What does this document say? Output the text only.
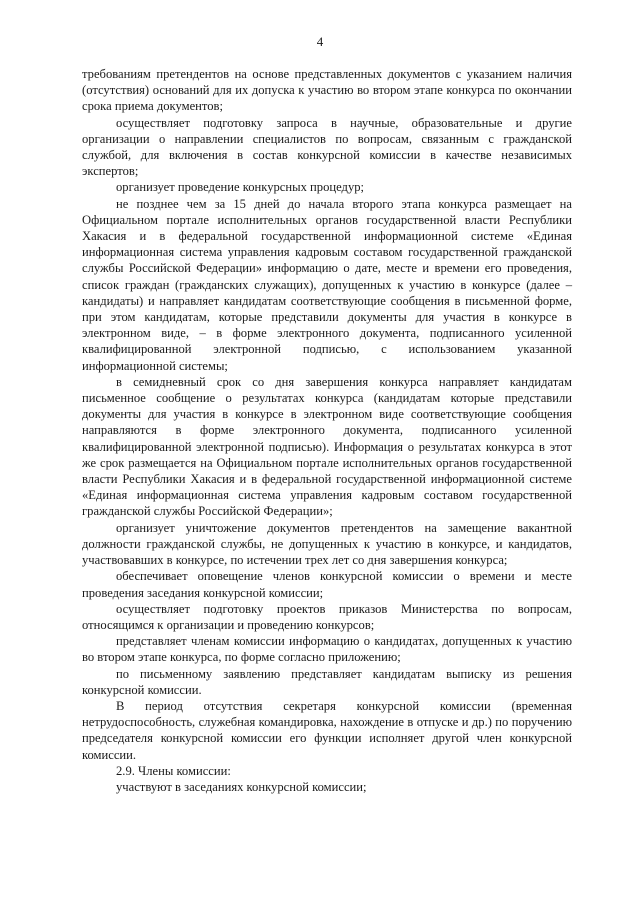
4

требованиям претендентов на основе представленных документов с указанием наличия (отсутствия) оснований для их допуска к участию во втором этапе конкурса по окончании срока приема документов;

осуществляет подготовку запроса в научные, образовательные и другие организации о направлении специалистов по вопросам, связанным с гражданской службой, для включения в состав конкурсной комиссии в качестве независимых экспертов;

организует проведение конкурсных процедур;

не позднее чем за 15 дней до начала второго этапа конкурса размещает на Официальном портале исполнительных органов государственной власти Республики Хакасия и в федеральной государственной информационной системе «Единая информационная система управления кадровым составом государственной гражданской службы Российской Федерации» информацию о дате, месте и времени его проведения, список граждан (гражданских служащих), допущенных к участию в конкурсе (далее – кандидаты) и направляет кандидатам соответствующие сообщения в письменной форме, при этом кандидатам, которые представили документы для участия в конкурсе в электронном виде, – в форме электронного документа, подписанного усиленной квалифицированной электронной подписью, с использованием указанной информационной системы;

в семидневный срок со дня завершения конкурса направляет кандидатам письменное сообщение о результатах конкурса (кандидатам которые представили документы для участия в конкурсе в электронном виде соответствующие сообщения направляются в форме электронного документа, подписанного усиленной квалифицированной электронной подписью). Информация о результатах конкурса в этот же срок размещается на Официальном портале исполнительных органов государственной власти Республики Хакасия и в федеральной государственной информационной системе «Единая информационная система управления кадровым составом государственной гражданской службы Российской Федерации»;

организует уничтожение документов претендентов на замещение вакантной должности гражданской службы, не допущенных к участию в конкурсе, и кандидатов, участвовавших в конкурсе, по истечении трех лет со дня завершения конкурса;

обеспечивает оповещение членов конкурсной комиссии о времени и месте проведения заседания конкурсной комиссии;

осуществляет подготовку проектов приказов Министерства по вопросам, относящимся к организации и проведению конкурсов;

представляет членам комиссии информацию о кандидатах, допущенных к участию во втором этапе конкурса, по форме согласно приложению;

по письменному заявлению представляет кандидатам выписку из решения конкурсной комиссии.

В период отсутствия секретаря конкурсной комиссии (временная нетрудоспособность, служебная командировка, нахождение в отпуске и др.) по поручению председателя конкурсной комиссии его функции исполняет другой член конкурсной комиссии.

2.9. Члены комиссии:

участвуют в заседаниях конкурсной комиссии;
